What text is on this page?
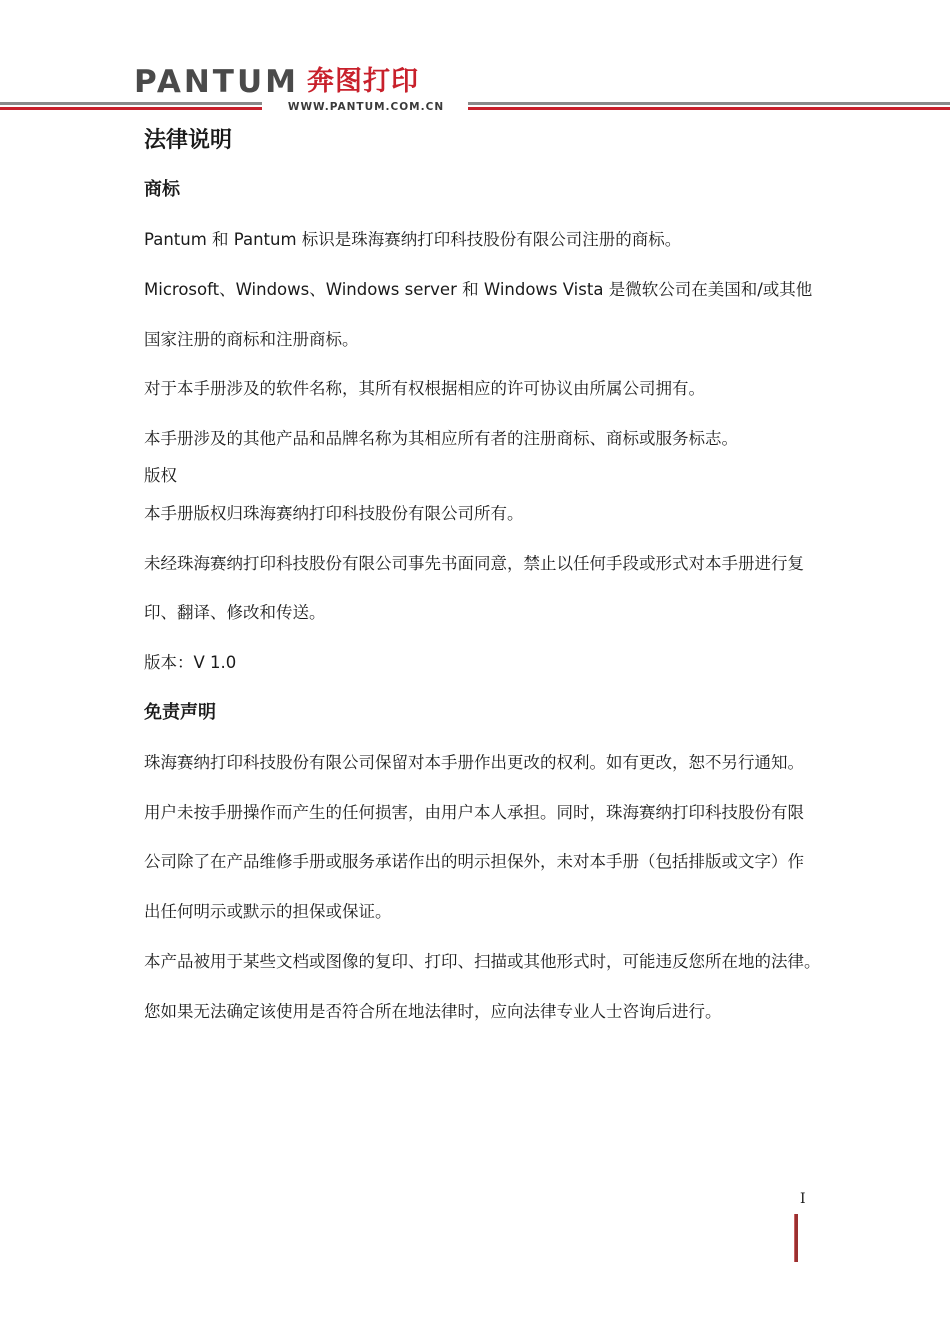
PANTUM 奔图打印
WWW.PANTUM.COM.CN
法律说明
商标
Pantum 和 Pantum 标识是珠海赛纳打印科技股份有限公司注册的商标。
Microsoft、Windows、Windows server 和 Windows Vista 是微软公司在美国和/或其他
国家注册的商标和注册商标。
对于本手册涉及的软件名称，其所有权根据相应的许可协议由所属公司拥有。
本手册涉及的其他产品和品牌名称为其相应所有者的注册商标、商标或服务标志。
版权
本手册版权归珠海赛纳打印科技股份有限公司所有。
未经珠海赛纳打印科技股份有限公司事先书面同意，禁止以任何手段或形式对本手册进行复
印、翻译、修改和传送。
版本：V 1.0
免责声明
珠海赛纳打印科技股份有限公司保留对本手册作出更改的权利。如有更改，恕不另行通知。
用户未按手册操作而产生的任何损害，由用户本人承担。同时，珠海赛纳打印科技股份有限
公司除了在产品维修手册或服务承诺作出的明示担保外，未对本手册（包括排版或文字）作
出任何明示或默示的担保或保证。
本产品被用于某些文档或图像的复印、打印、扫描或其他形式时，可能违反您所在地的法律。
您如果无法确定该使用是否符合所在地法律时，应向法律专业人士咨询后进行。
I
